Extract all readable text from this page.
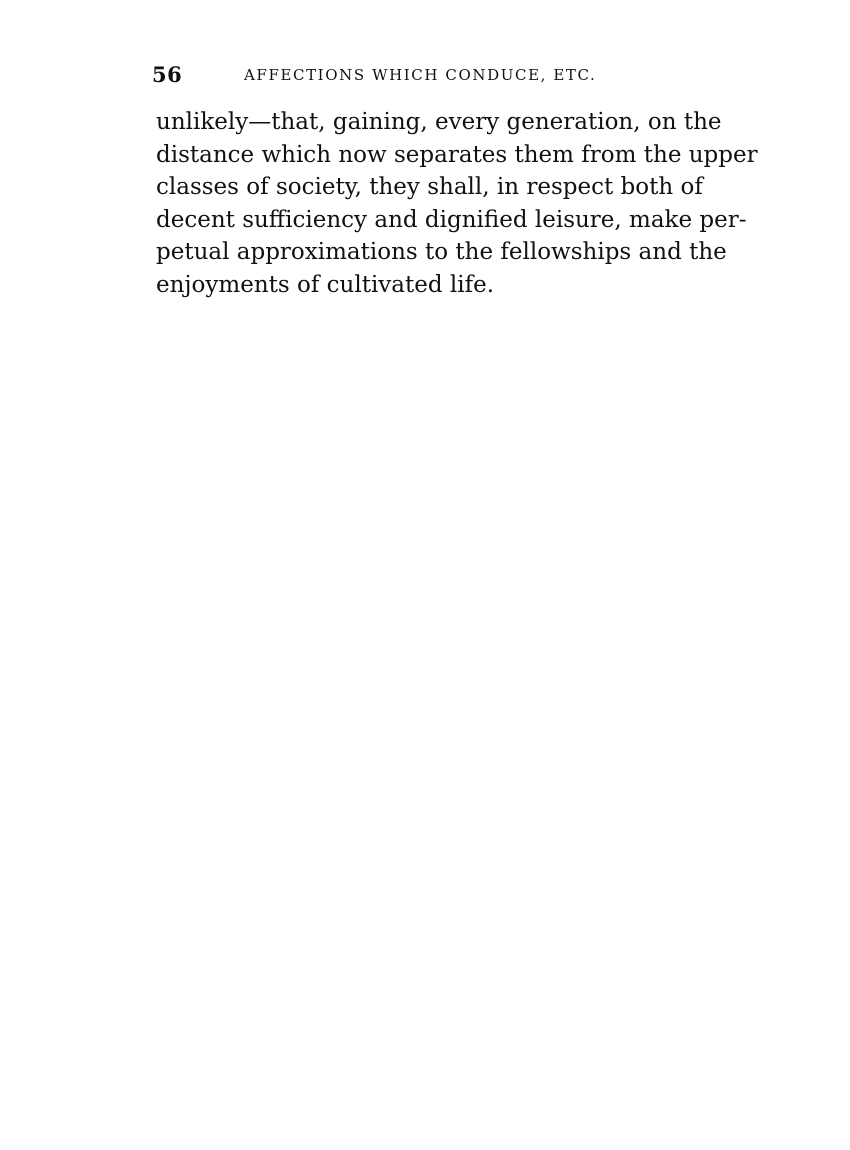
56	AFFECTIONS WHICH CONDUCE, ETC.
unlikely—that, gaining, every generation, on the
distance which now separates them from the upper
classes of society, they shall, in respect both of
decent sufficiency and dignified leisure, make per-
petual approximations to the fellowships and the
enjoyments of cultivated life.
